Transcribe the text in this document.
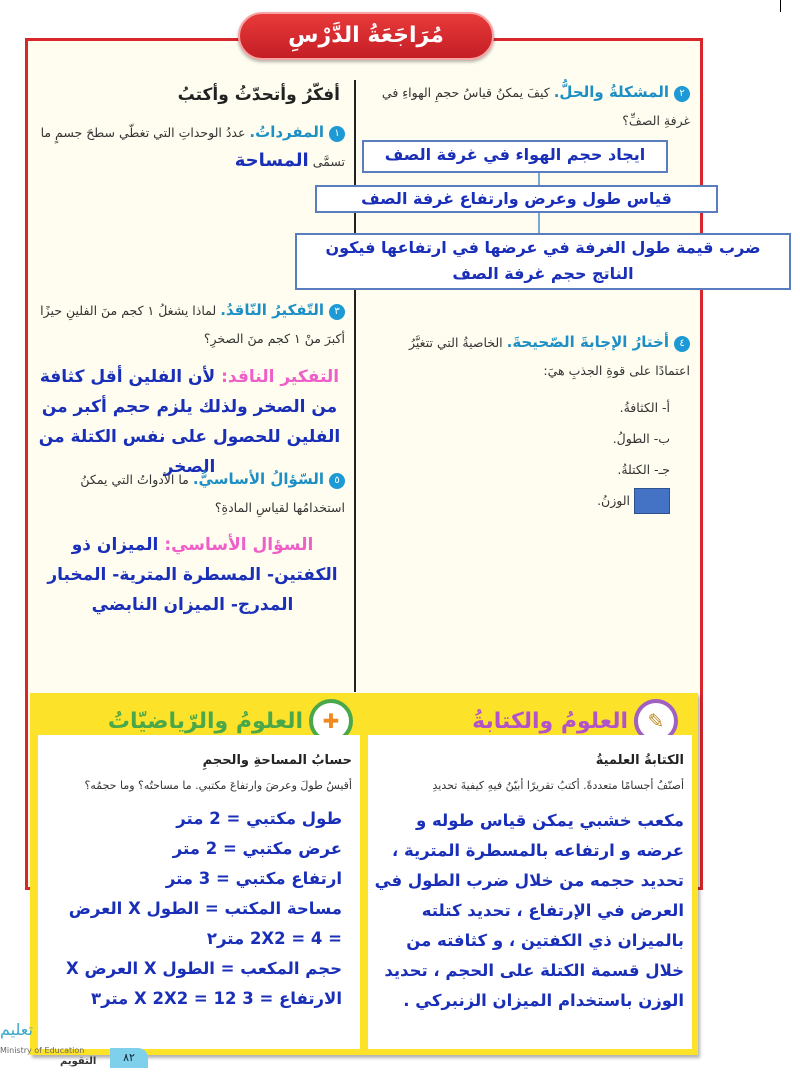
مُرَاجَعَةُ الدَّرْسِ
٢المشكلةُ والحلُّ. كيفَ يمكنُ قياسُ حجمِ الهواءِ في غرفةِ الصفِّ؟
ايجاد حجم الهواء في غرفة الصف
قياس طول وعرض وارتفاع غرفة الصف
ضرب قيمة طول الغرفة في عرضها في ارتفاعها فيكون الناتج حجم غرفة الصف
٤أختارُ الإجابةَ الصّحيحةَ. الخاصيةُ التي تتغيَّرُ اعتمادًا على قوةِ الجذبِ هيَ:
أ- الكثافةُ.
ب- الطولُ.
جـ- الكتلةُ.
الوزنُ.
أفكّرُ وأتحدّثُ وأكتبُ
١المفرداتُ. عددُ الوحداتِ التي تغطّي سطحَ جسمٍ ما تسمَّى المساحة
٣التّفكيرُ النّاقدُ. لماذا يشغلُ ١ كجم منَ الفلينِ حيزًا أكبرَ منْ ١ كجم منَ الصخرِ؟
التفكير الناقد: لأن الفلين أقل كثافة من الصخر ولذلك يلزم حجم أكبر من الفلين للحصول على نفس الكتلة من الصخر
٥السّؤالُ الأساسيُّ. ما الأدواتُ التي يمكنُ استخدامُها لقياسِ المادةِ؟
السؤال الأساسي: الميزان ذو الكفتين- المسطرة المترية- المخبار المدرج- الميزان النابضي
✎
العلومُ والكتابةُ
✚
العلومُ والرّياضيّاتُ
الكتابةُ العلميةُ
أصنّفُ أجسامًا متعددةً. أكتبُ تقريرًا أبيّنُ فيهِ كيفيةَ تحديدِ
مكعب خشبي يمكن قياس طوله و عرضه و ارتفاعه بالمسطرة المترية ، تحديد حجمه من خلال ضرب الطول في العرض في الإرتفاع ، تحديد كتلته بالميزان ذي الكفتين ، و كثافته من خلال قسمة الكتلة على الحجم ، تحديد الوزن باستخدام الميزان الزنبركي .
حسابُ المساحةِ والحجمِ
أقيسُ طولَ وعرضَ وارتفاعَ مكتبي. ما مساحتُه؟ وما حجمُه؟
طول مكتبي = 2 متر
عرض مكتبي = 2 متر
ارتفاع مكتبي = 3 متر
مساحة المكتب = الطول X العرض
= 2X2 = 4 متر٢
حجم المكعب = الطول X العرض X
الارتفاع = 3 X 2X2 = 12 متر٣
تعليم
Ministry of Education
التقويم	٨٢
